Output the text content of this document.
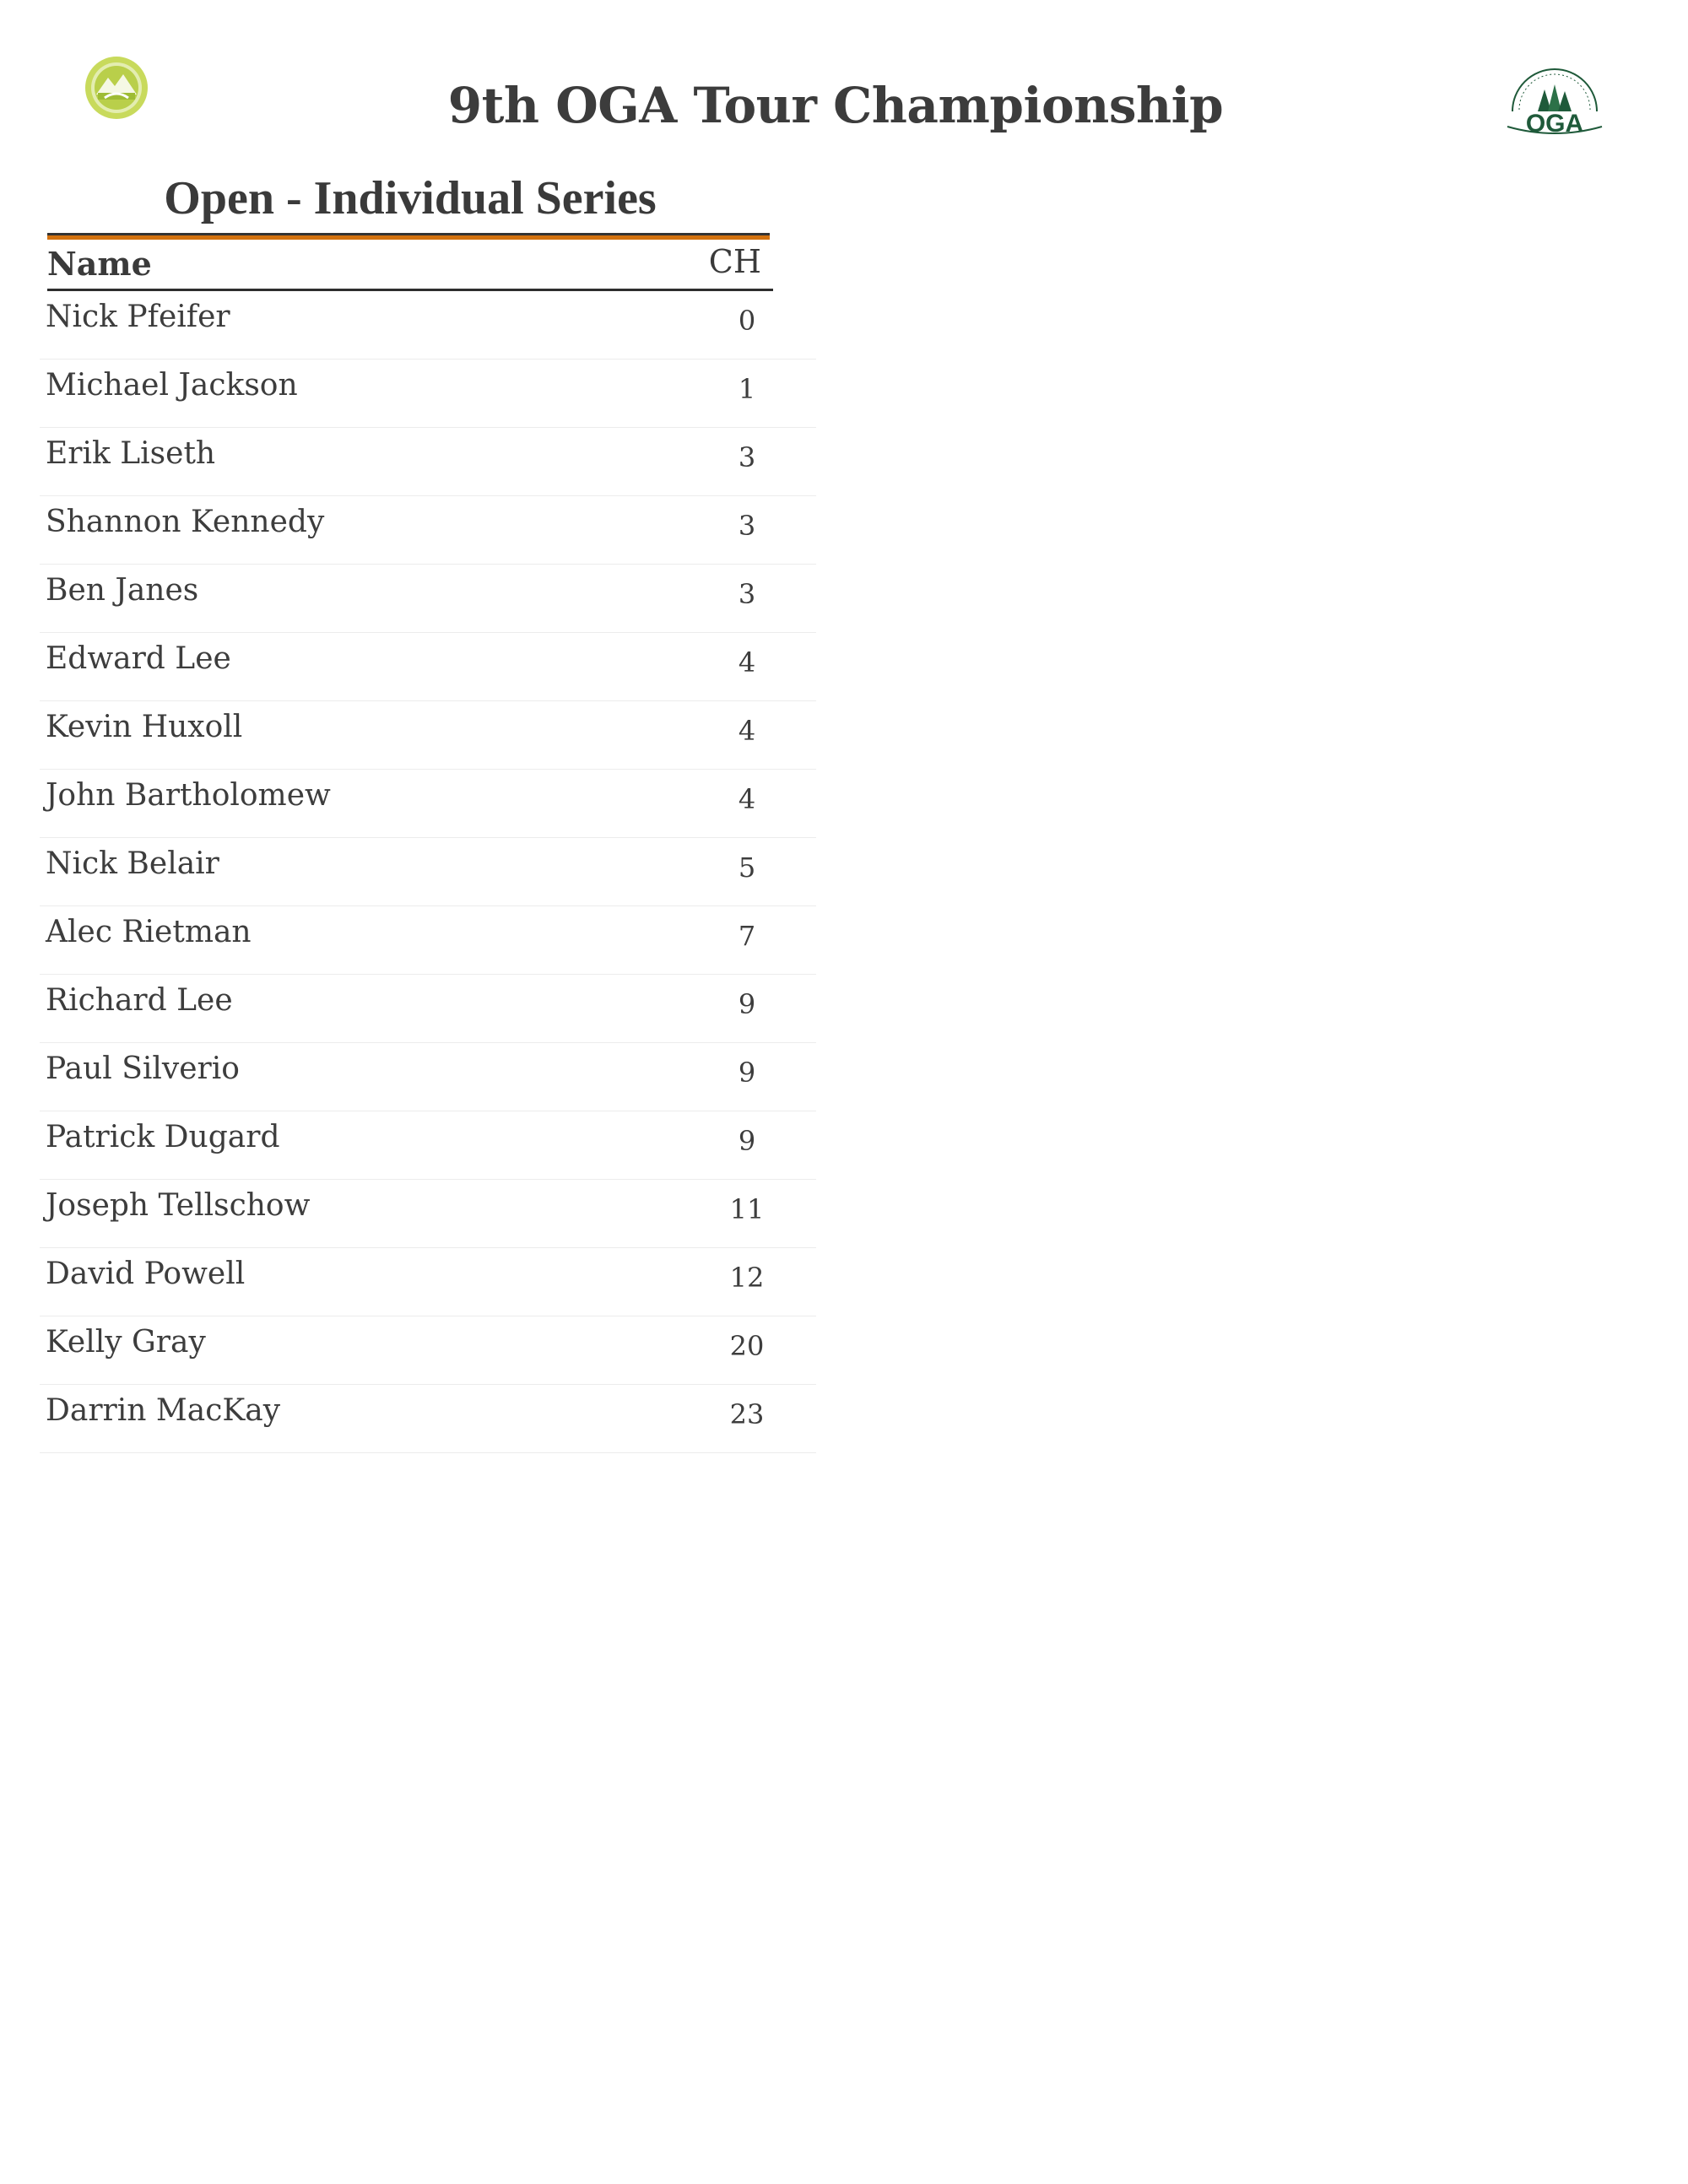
9th OGA Tour Championship	OGA
Open - Individual Series
Name	CH
Nick Pfeifer	0
Michael Jackson	1
Erik Liseth	3
Shannon Kennedy	3
Ben Janes	3
Edward Lee	4
Kevin Huxoll	4
John Bartholomew	4
Nick Belair	5
Alec Rietman	7
Richard Lee	9
Paul Silverio	9
Patrick Dugard	9
Joseph Tellschow	11
David Powell	12
Kelly Gray	20
Darrin MacKay	23
